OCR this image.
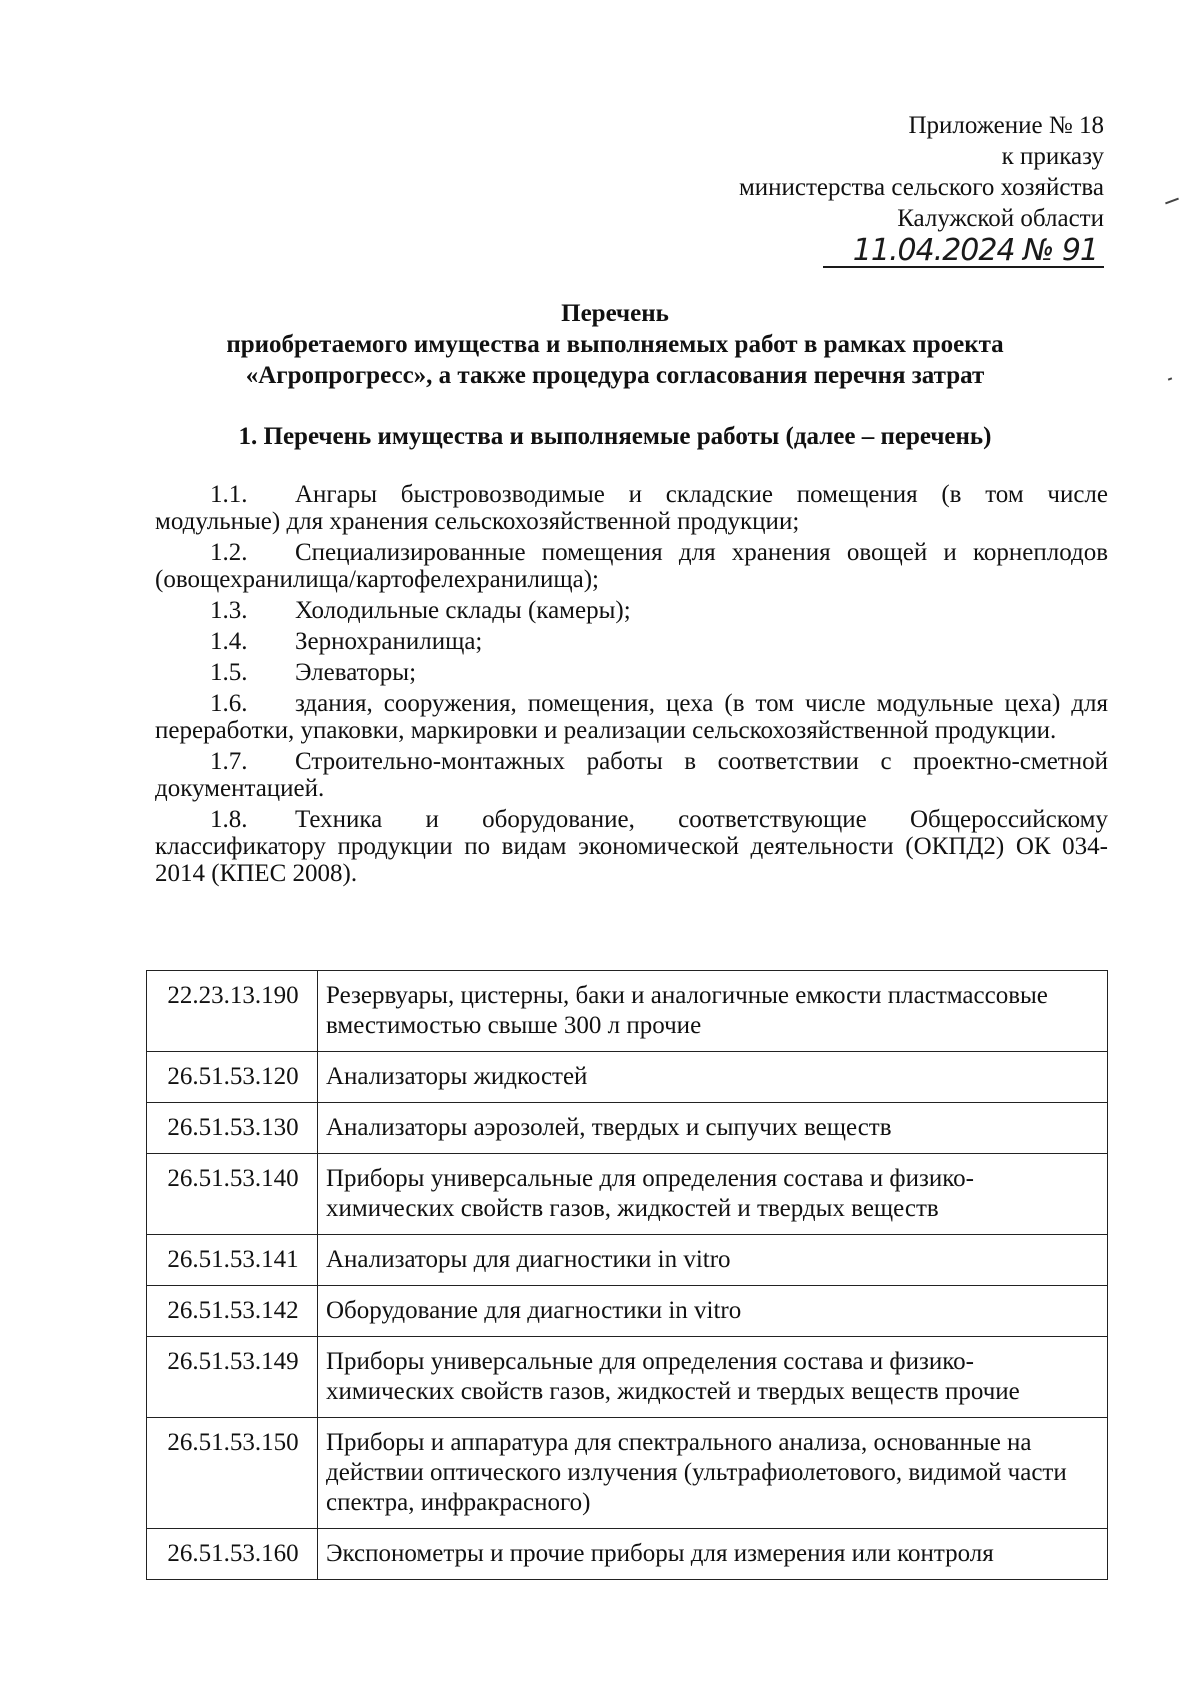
Приложение № 18
к приказу
министерства сельского хозяйства
Калужской области
11.04.2024 № 91
Перечень
приобретаемого имущества и выполняемых работ в рамках проекта
«Агропрогресс», а также процедура согласования перечня затрат
1. Перечень имущества и выполняемые работы (далее – перечень)
1.1. Ангары быстровозводимые и складские помещения (в том числе модульные) для хранения сельскохозяйственной продукции;
1.2. Специализированные помещения для хранения овощей и корнеплодов (овощехранилища/картофелехранилища);
1.3. Холодильные склады (камеры);
1.4. Зернохранилища;
1.5. Элеваторы;
1.6. здания, сооружения, помещения, цеха (в том числе модульные цеха) для переработки, упаковки, маркировки и реализации сельскохозяйственной продукции.
1.7. Строительно-монтажных работы в соответствии с проектно-сметной документацией.
1.8. Техника и оборудование, соответствующие Общероссийскому классификатору продукции по видам экономической деятельности (ОКПД2) ОК 034-2014 (КПЕС 2008).
22.23.13.190	Резервуары, цистерны, баки и аналогичные емкости пластмассовые вместимостью свыше 300 л прочие
26.51.53.120	Анализаторы жидкостей
26.51.53.130	Анализаторы аэрозолей, твердых и сыпучих веществ
26.51.53.140	Приборы универсальные для определения состава и физико-химических свойств газов, жидкостей и твердых веществ
26.51.53.141	Анализаторы для диагностики in vitro
26.51.53.142	Оборудование для диагностики in vitro
26.51.53.149	Приборы универсальные для определения состава и физико-химических свойств газов, жидкостей и твердых веществ прочие
26.51.53.150	Приборы и аппаратура для спектрального анализа, основанные на действии оптического излучения (ультрафиолетового, видимой части спектра, инфракрасного)
26.51.53.160	Экспонометры и прочие приборы для измерения или контроля
